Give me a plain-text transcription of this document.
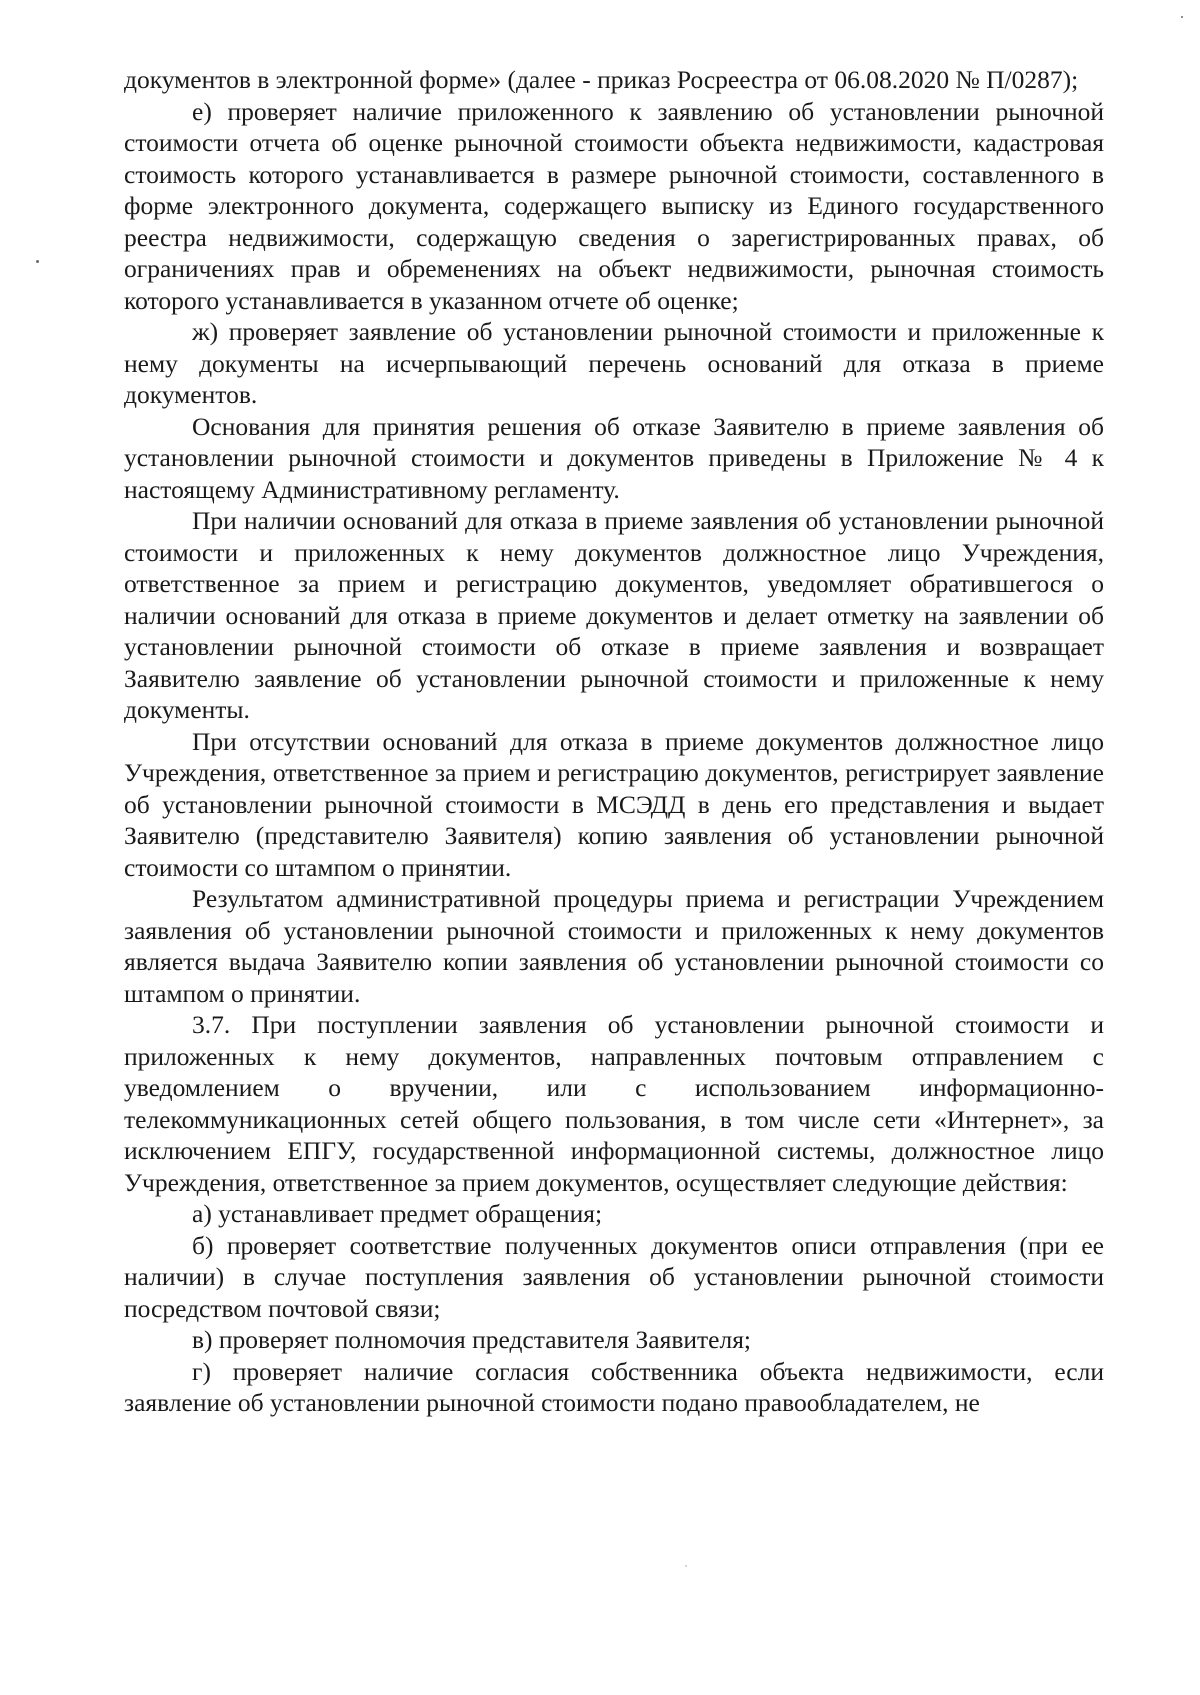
документов в электронной форме» (далее - приказ Росреестра от 06.08.2020 № П/0287);

е) проверяет наличие приложенного к заявлению об установлении рыночной стоимости отчета об оценке рыночной стоимости объекта недвижимости, кадастровая стоимость которого устанавливается в размере рыночной стоимости, составленного в форме электронного документа, содержащего выписку из Единого государственного реестра недвижимости, содержащую сведения о зарегистрированных правах, об ограничениях прав и обременениях на объект недвижимости, рыночная стоимость которого устанавливается в указанном отчете об оценке;

ж) проверяет заявление об установлении рыночной стоимости и приложенные к нему документы на исчерпывающий перечень оснований для отказа в приеме документов.

Основания для принятия решения об отказе Заявителю в приеме заявления об установлении рыночной стоимости и документов приведены в Приложение № 4 к настоящему Административному регламенту.

При наличии оснований для отказа в приеме заявления об установлении рыночной стоимости и приложенных к нему документов должностное лицо Учреждения, ответственное за прием и регистрацию документов, уведомляет обратившегося о наличии оснований для отказа в приеме документов и делает отметку на заявлении об установлении рыночной стоимости об отказе в приеме заявления и возвращает Заявителю заявление об установлении рыночной стоимости и приложенные к нему документы.

При отсутствии оснований для отказа в приеме документов должностное лицо Учреждения, ответственное за прием и регистрацию документов, регистрирует заявление об установлении рыночной стоимости в МСЭДД в день его представления и выдает Заявителю (представителю Заявителя) копию заявления об установлении рыночной стоимости со штампом о принятии.

Результатом административной процедуры приема и регистрации Учреждением заявления об установлении рыночной стоимости и приложенных к нему документов является выдача Заявителю копии заявления об установлении рыночной стоимости со штампом о принятии.

3.7. При поступлении заявления об установлении рыночной стоимости и приложенных к нему документов, направленных почтовым отправлением с уведомлением о вручении, или с использованием информационно-телекоммуникационных сетей общего пользования, в том числе сети «Интернет», за исключением ЕПГУ, государственной информационной системы, должностное лицо Учреждения, ответственное за прием документов, осуществляет следующие действия:

а) устанавливает предмет обращения;

б) проверяет соответствие полученных документов описи отправления (при ее наличии) в случае поступления заявления об установлении рыночной стоимости посредством почтовой связи;

в) проверяет полномочия представителя Заявителя;

г) проверяет наличие согласия собственника объекта недвижимости, если заявление об установлении рыночной стоимости подано правообладателем, не
